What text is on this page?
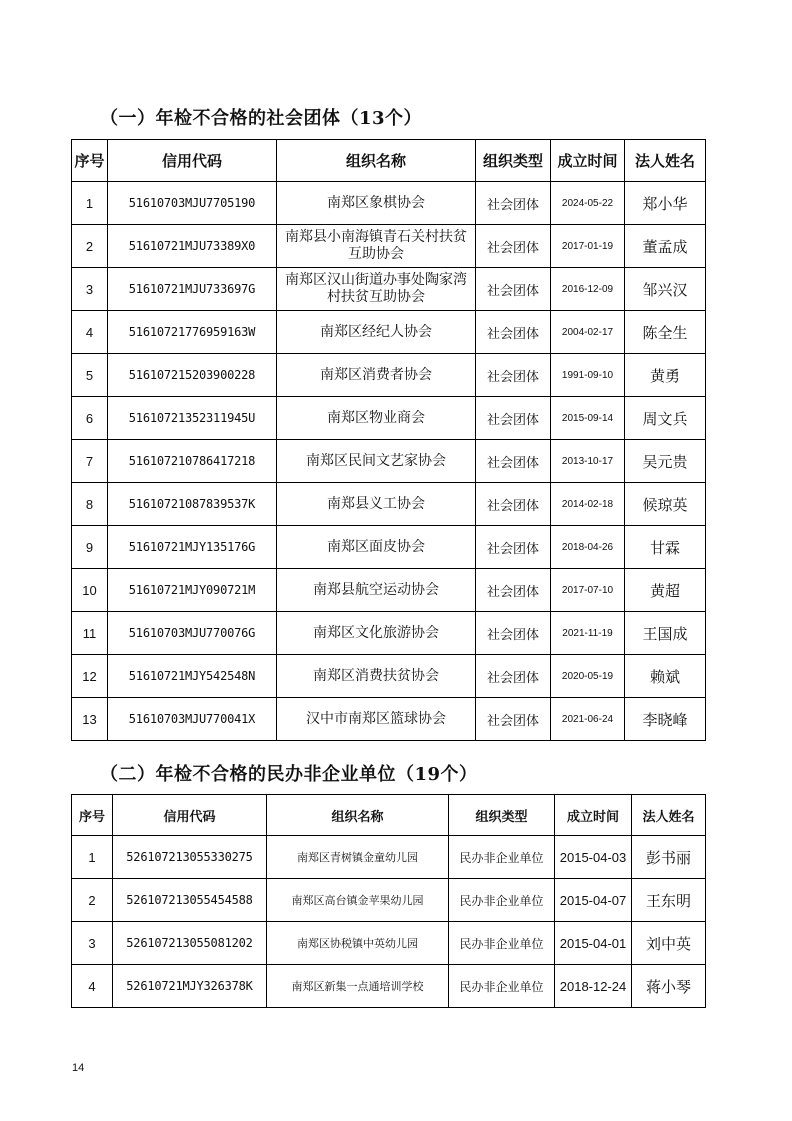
（一）年检不合格的社会团体（13个）
序号	信用代码	组织名称	组织类型	成立时间	法人姓名
1	51610703MJU7705190	南郑区象棋协会	社会团体	2024-05-22	郑小华
2	51610721MJU73389X0	南郑县小南海镇青石关村扶贫互助协会	社会团体	2017-01-19	董孟成
3	51610721MJU733697G	南郑区汉山街道办事处陶家湾村扶贫互助协会	社会团体	2016-12-09	邹兴汉
4	51610721776959163W	南郑区经纪人协会	社会团体	2004-02-17	陈全生
5	516107215203900228	南郑区消费者协会	社会团体	1991-09-10	黄勇
6	51610721352311945U	南郑区物业商会	社会团体	2015-09-14	周文兵
7	516107210786417218	南郑区民间文艺家协会	社会团体	2013-10-17	吴元贵
8	51610721087839537K	南郑县义工协会	社会团体	2014-02-18	候琼英
9	51610721MJY135176G	南郑区面皮协会	社会团体	2018-04-26	甘霖
10	51610721MJY090721M	南郑县航空运动协会	社会团体	2017-07-10	黄超
11	51610703MJU770076G	南郑区文化旅游协会	社会团体	2021-11-19	王国成
12	51610721MJY542548N	南郑区消费扶贫协会	社会团体	2020-05-19	赖斌
13	51610703MJU770041X	汉中市南郑区篮球协会	社会团体	2021-06-24	李晓峰
（二）年检不合格的民办非企业单位（19个）
序号	信用代码	组织名称	组织类型	成立时间	法人姓名
1	526107213055330275	南郑区青树镇金童幼儿园	民办非企业单位	2015-04-03	彭书丽
2	526107213055454588	南郑区高台镇金苹果幼儿园	民办非企业单位	2015-04-07	王东明
3	526107213055081202	南郑区协税镇中英幼儿园	民办非企业单位	2015-04-01	刘中英
4	52610721MJY326378K	南郑区新集一点通培训学校	民办非企业单位	2018-12-24	蒋小琴
14
